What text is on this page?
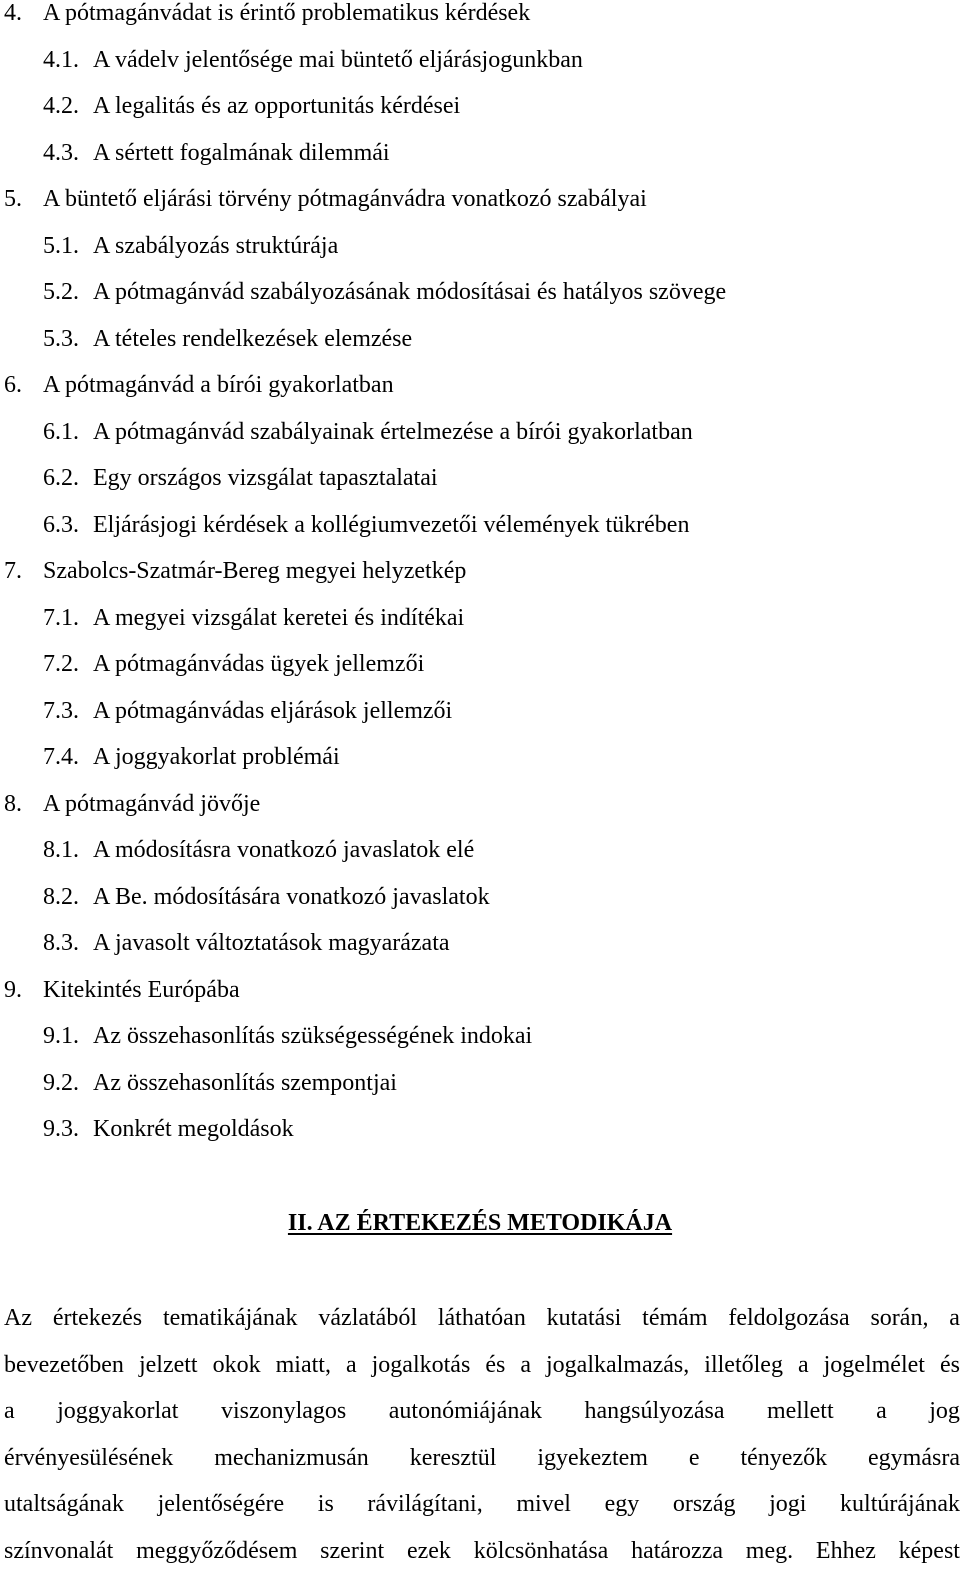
4. A pótmagánvádat is érintő problematikus kérdések
4.1. A vádelv jelentősége mai büntető eljárásjogunkban
4.2. A legalitás és az opportunitás kérdései
4.3. A sértett fogalmának dilemmái
5. A büntető eljárási törvény pótmagánvádra vonatkozó szabályai
5.1. A szabályozás struktúrája
5.2. A pótmagánvád szabályozásának módosításai és hatályos szövege
5.3. A tételes rendelkezések elemzése
6. A pótmagánvád a bírói gyakorlatban
6.1. A pótmagánvád szabályainak értelmezése a bírói gyakorlatban
6.2. Egy országos vizsgálat tapasztalatai
6.3. Eljárásjogi kérdések a kollégiumvezetői vélemények tükrében
7. Szabolcs-Szatmár-Bereg megyei helyzetkép
7.1. A megyei vizsgálat keretei és indítékai
7.2. A pótmagánvádas ügyek jellemzői
7.3. A pótmagánvádas eljárások jellemzői
7.4. A joggyakorlat problémái
8. A pótmagánvád jövője
8.1. A módosításra vonatkozó javaslatok elé
8.2. A Be. módosítására vonatkozó javaslatok
8.3. A javasolt változtatások magyarázata
9. Kitekintés Európába
9.1. Az összehasonlítás szükségességének indokai
9.2. Az összehasonlítás szempontjai
9.3. Konkrét megoldások
II. AZ ÉRTEKEZÉS METODIKÁJA
Az értekezés tematikájának vázlatából láthatóan kutatási témám feldolgozása során, a
bevezetőben jelzett okok miatt, a jogalkotás és a jogalkalmazás, illetőleg a jogelmélet és
a joggyakorlat viszonylagos autonómiájának hangsúlyozása mellett a jog
érvényesülésének mechanizmusán keresztül igyekeztem e tényezők egymásra
utaltságának jelentőségére is rávilágítani, mivel egy ország jogi kultúrájának
színvonalát meggyőződésem szerint ezek kölcsönhatása határozza meg. Ehhez képest
